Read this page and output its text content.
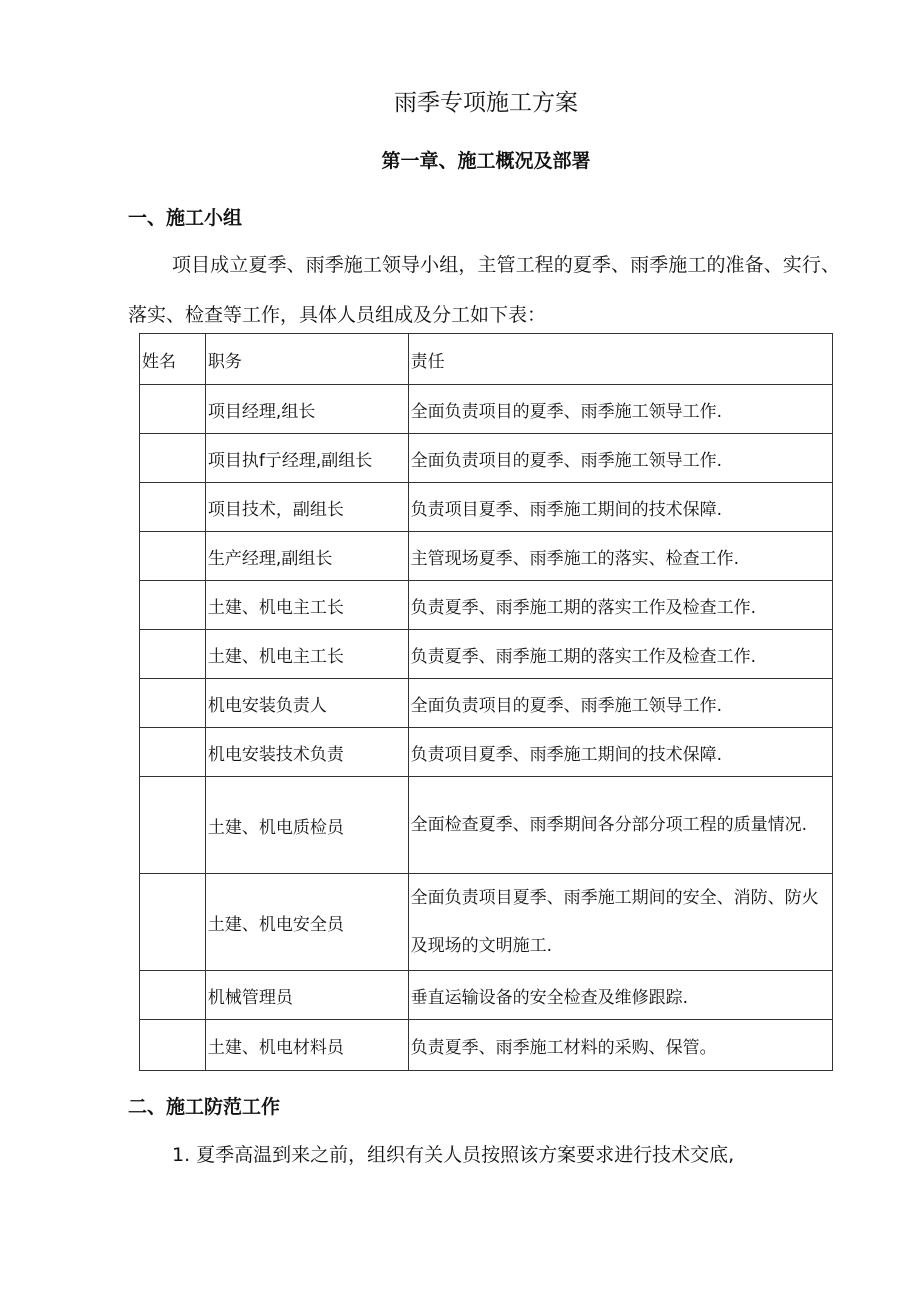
雨季专项施工方案
第一章、施工概况及部署
一、施工小组
项目成立夏季、雨季施工领导小组，主管工程的夏季、雨季施工的准备、实行、落实、检查等工作，具体人员组成及分工如下表：
姓名	职务	责任
	项目经理,组长	全面负责项目的夏季、雨季施工领导工作.
	项目执f亍经理,副组长	全面负责项目的夏季、雨季施工领导工作.
	项目技术，副组长	负责项目夏季、雨季施工期间的技术保障.
	生产经理,副组长	主管现场夏季、雨季施工的落实、检查工作.
	土建、机电主工长	负责夏季、雨季施工期的落实工作及检查工作.
	土建、机电主工长	负责夏季、雨季施工期的落实工作及检查工作.
	机电安装负责人	全面负责项目的夏季、雨季施工领导工作.
	机电安装技术负责	负责项目夏季、雨季施工期间的技术保障.
	土建、机电质检员	全面检查夏季、雨季期间各分部分项工程的质量情况.
	土建、机电安全员	全面负责项目夏季、雨季施工期间的安全、消防、防火及现场的文明施工.
	机械管理员	垂直运输设备的安全检查及维修跟踪.
	土建、机电材料员	负责夏季、雨季施工材料的采购、保管。
二、施工防范工作
1. 夏季高温到来之前，组织有关人员按照该方案要求进行技术交底,
